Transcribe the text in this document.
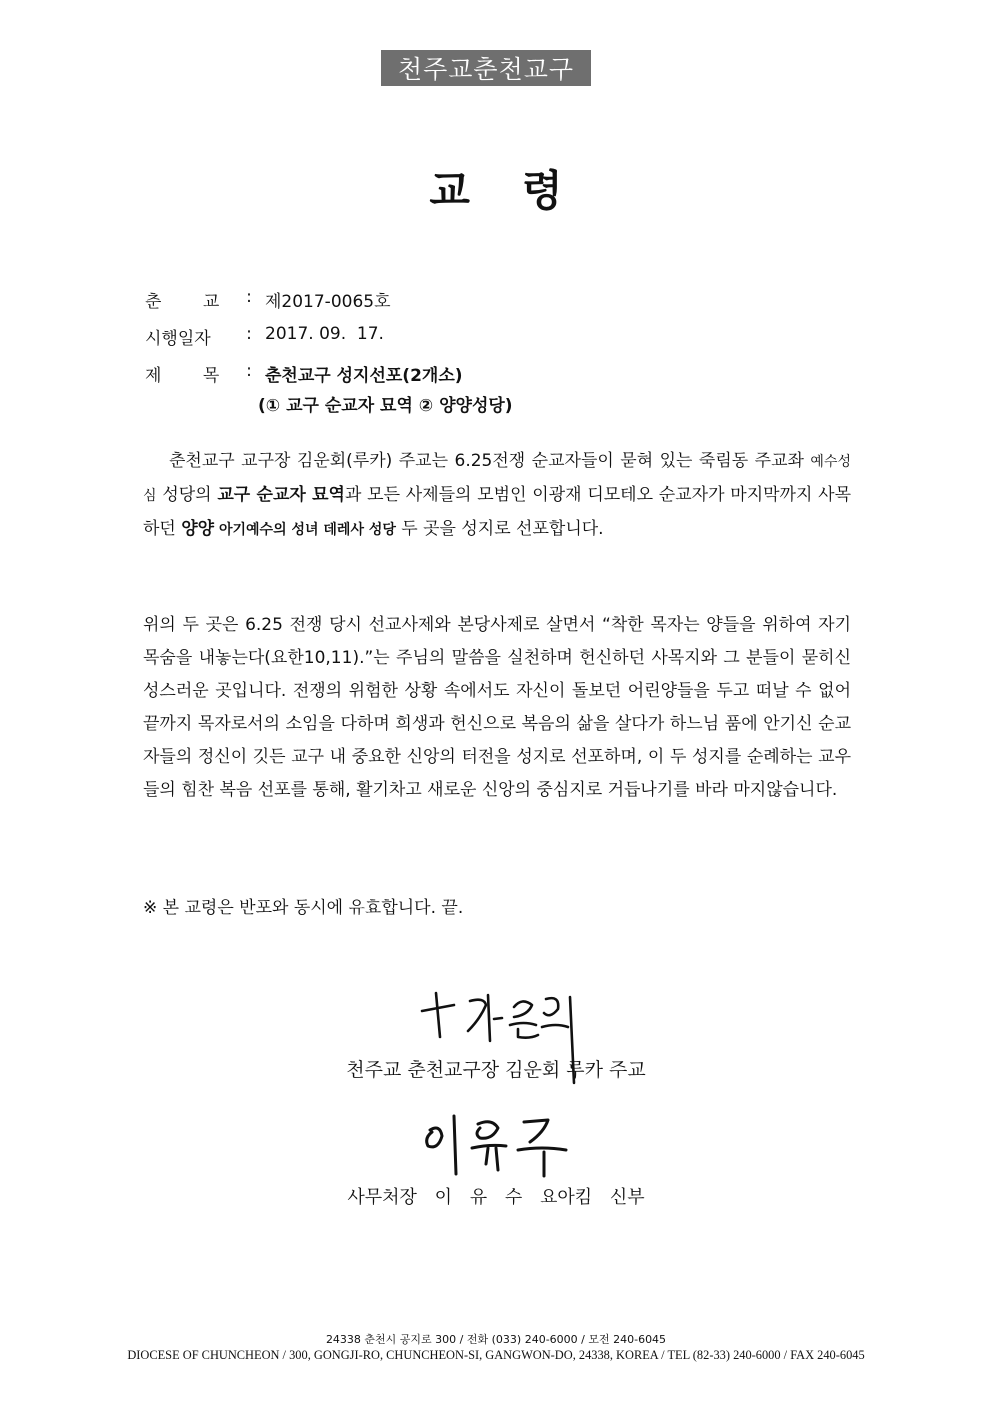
천주교춘천교구
교령
춘 교	: 제2017-0065호
시행일자	: 2017. 09.  17.
제 목	: 춘천교구 성지선포(2개소)
(① 교구 순교자 묘역 ② 양양성당)

춘천교구 교구장 김운회(루카) 주교는 6.25전쟁 순교자들이 묻혀 있는 죽림동 주교좌 예수성심 성당의 교구 순교자 묘역과 모든 사제들의 모범인 이광재 디모테오 순교자가 마지막까지 사목하던 양양 아기예수의 성녀 데레사 성당 두 곳을 성지로 선포합니다.

위의 두 곳은 6.25 전쟁 당시 선교사제와 본당사제로 살면서 “착한 목자는 양들을 위하여 자기 목숨을 내놓는다(요한10,11).”는 주님의 말씀을 실천하며 헌신하던 사목지와 그 분들이 묻히신 성스러운 곳입니다. 전쟁의 위험한 상황 속에서도 자신이 돌보던 어린양들을 두고 떠날 수 없어 끝까지 목자로서의 소임을 다하며 희생과 헌신으로 복음의 삶을 살다가 하느님 품에 안기신 순교자들의 정신이 깃든 교구 내 중요한 신앙의 터전을 성지로 선포하며, 이 두 성지를 순례하는 교우들의 힘찬 복음 선포를 통해, 활기차고 새로운 신앙의 중심지로 거듭나기를 바라 마지않습니다.

※ 본 교령은 반포와 동시에 유효합니다. 끝.
천주교 춘천교구장 김운회 루카 주교
사무처장 이 유 수 요아킴 신부
24338 춘천시 공지로 300 / 전화 (033) 240-6000 / 모전 240-6045
DIOCESE OF CHUNCHEON / 300, GONGJI-RO, CHUNCHEON-SI, GANGWON-DO, 24338, KOREA / TEL (82-33) 240-6000 / FAX 240-6045
